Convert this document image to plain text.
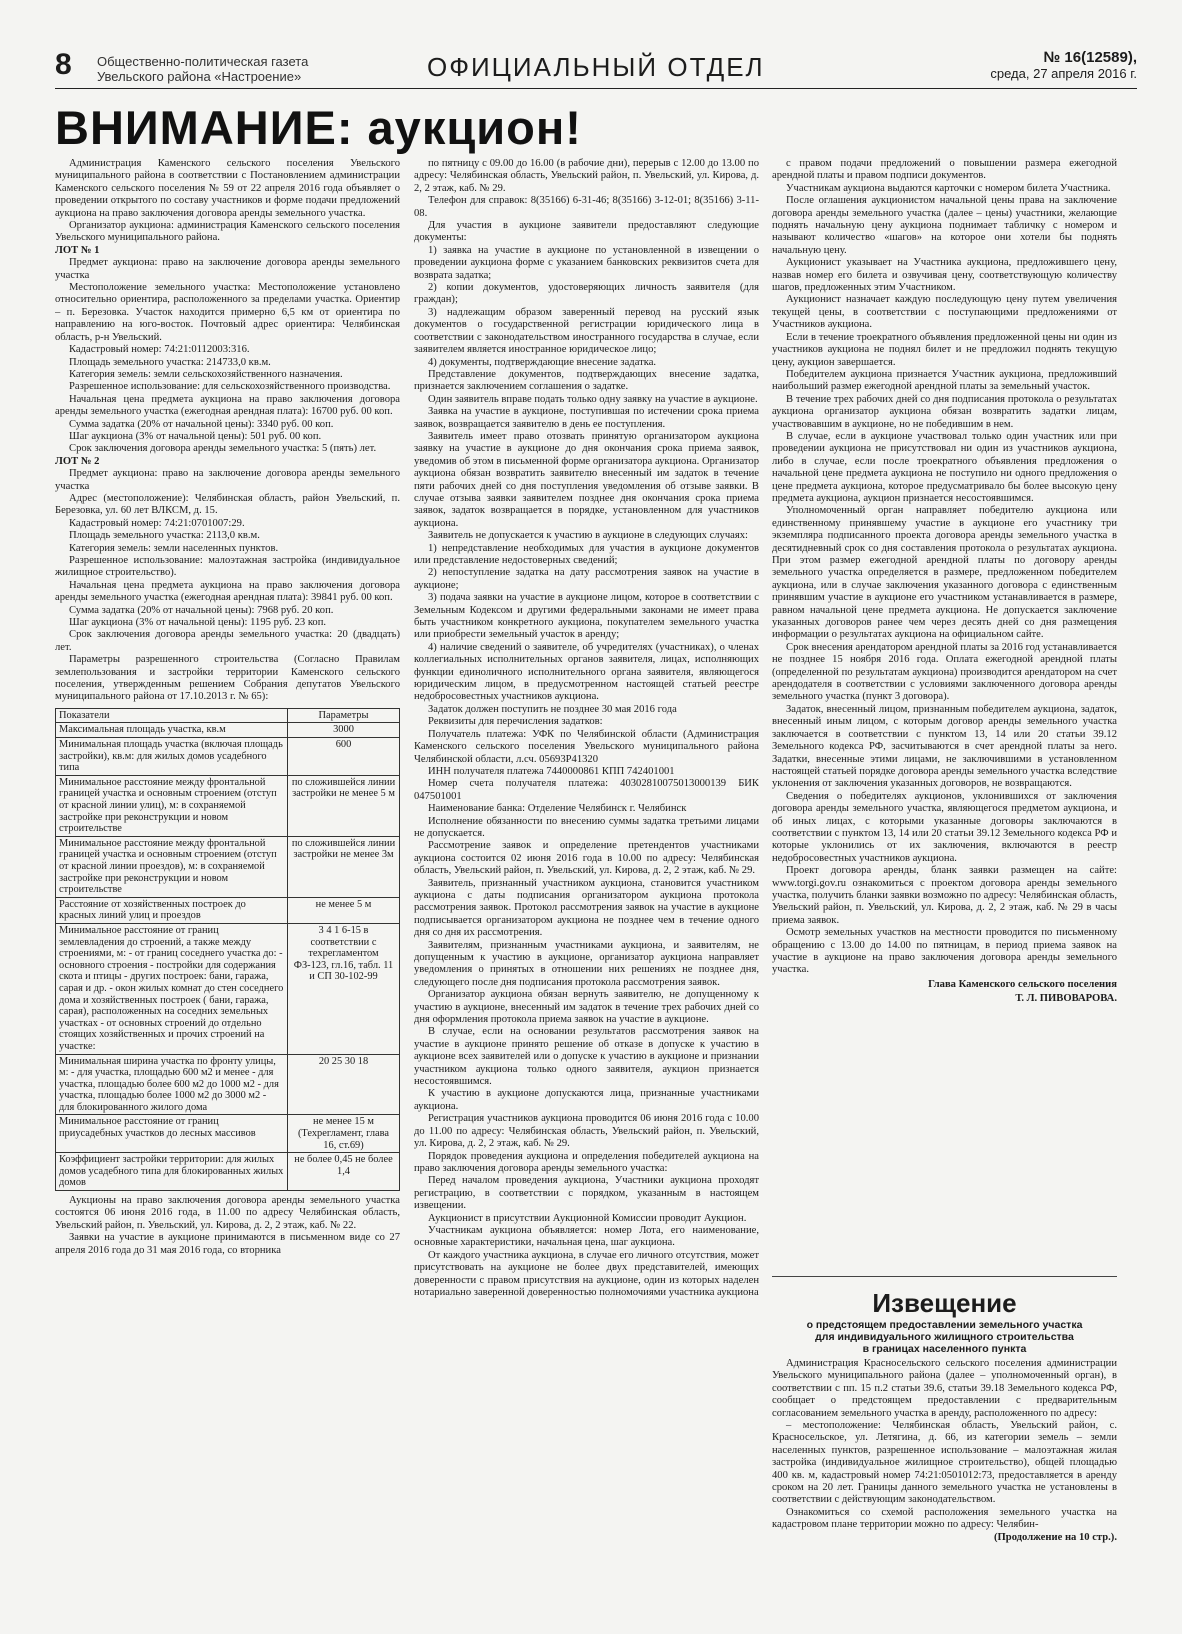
8 Общественно-политическая газета
Увельского района «Настроение»	ОФИЦИАЛЬНЫЙ ОТДЕЛ	№ 16(12589),
среда, 27 апреля 2016 г.
ВНИМАНИЕ: аукцион!

Администрация Каменского сельского поселения Увельского муниципального района в соответствии с Постановлением администрации Каменского сельского поселения № 59 от 22 апреля 2016 года объявляет о проведении открытого по составу участников и форме подачи предложений аукциона на право заключения договора аренды земельного участка.

Организатор аукциона: администрация Каменского сельского поселения Увельского муниципального района.

ЛОТ № 1

Предмет аукциона: право на заключение договора аренды земельного участка

Местоположение земельного участка: Местоположение установлено относительно ориентира, расположенного за пределами участка. Ориентир – п. Березовка. Участок находится примерно 6,5 км от ориентира по направлению на юго-восток. Почтовый адрес ориентира: Челябинская область, р-н Увельский.

Кадастровый номер: 74:21:0112003:316.

Площадь земельного участка: 214733,0 кв.м.

Категория земель: земли сельскохозяйственного назначения.

Разрешенное использование: для сельскохозяйственного производства.

Начальная цена предмета аукциона на право заключения договора аренды земельного участка (ежегодная арендная плата): 16700 руб. 00 коп.

Сумма задатка (20% от начальной цены): 3340 руб. 00 коп.

Шаг аукциона (3% от начальной цены): 501 руб. 00 коп.

Срок заключения договора аренды земельного участка: 5 (пять) лет.

ЛОТ № 2

Предмет аукциона: право на заключение договора аренды земельного участка

Адрес (местоположение): Челябинская область, район Увельский, п. Березовка, ул. 60 лет ВЛКСМ, д. 15.

Кадастровый номер: 74:21:0701007:29.

Площадь земельного участка: 2113,0 кв.м.

Категория земель: земли населенных пунктов.

Разрешенное использование: малоэтажная застройка (индивидуальное жилищное строительство).

Начальная цена предмета аукциона на право заключения договора аренды земельного участка (ежегодная арендная плата): 39841 руб. 00 коп.

Сумма задатка (20% от начальной цены): 7968 руб. 20 коп.

Шаг аукциона (3% от начальной цены): 1195 руб. 23 коп.

Срок заключения договора аренды земельного участка: 20 (двадцать) лет.

Параметры разрешенного строительства (Согласно Правилам землепользования и застройки территории Каменского сельского поселения, утвержденным решением Собрания депутатов Увельского муниципального района от 17.10.2013 г. № 65):

Показатели	Параметры
Максимальная площадь участка, кв.м	3000
Минимальная площадь участка (включая площадь застройки), кв.м: для жилых домов усадебного типа	600
Минимальное расстояние между фронтальной границей участка и основным строением (отступ от красной линии улиц), м: в сохраняемой застройке при реконструкции и новом строительстве	по сложившейся линии застройки не менее 5 м
Минимальное расстояние между фронтальной границей участка и основным строением (отступ от красной линии проездов), м: в сохраняемой застройке при реконструкции и новом строительстве	по сложившейся линии застройки не менее 3м
Расстояние от хозяйственных построек до красных линий улиц и проездов	не менее 5 м
Минимальное расстояние от границ землевладения до строений, а также между строениями, м: - от границ соседнего участка до: - основного строения - постройки для содержания скота и птицы - других построек: бани, гаража, сарая и др. - окон жилых комнат до стен соседнего дома и хозяйственных построек ( бани, гаража, сарая), расположенных на соседних земельных участках - от основных строений до отдельно стоящих хозяйственных и прочих строений на участке:	3 4 1 6-15 в соответствии с техрегламентом ФЗ-123, гл.16, табл. 11 и СП 30-102-99
Минимальная ширина участка по фронту улицы, м: - для участка, площадью 600 м2 и менее - для участка, площадью более 600 м2 до 1000 м2 - для участка, площадью более 1000 м2 до 3000 м2 - для блокированного жилого дома	20 25 30 18
Минимальное расстояние от границ приусадебных участков до лесных массивов	не менее 15 м (Техрегламент, глава 16, ст.69)
Коэффициент застройки территории: для жилых домов усадебного типа для блокированных жилых домов	не более 0,45 не более 1,4

Аукционы на право заключения договора аренды земельного участка состоятся 06 июня 2016 года, в 11.00 по адресу Челябинская область, Увельский район, п. Увельский, ул. Кирова, д. 2, 2 этаж, каб. № 22.

Заявки на участие в аукционе принимаются в письменном виде со 27 апреля 2016 года до 31 мая 2016 года, со вторника

по пятницу с 09.00 до 16.00 (в рабочие дни), перерыв с 12.00 до 13.00 по адресу: Челябинская область, Увельский район, п. Увельский, ул. Кирова, д. 2, 2 этаж, каб. № 29.

Телефон для справок: 8(35166) 6-31-46; 8(35166) 3-12-01; 8(35166) 3-11-08.

Для участия в аукционе заявители предоставляют следующие документы:

1) заявка на участие в аукционе по установленной в извещении о проведении аукциона форме с указанием банковских реквизитов счета для возврата задатка;

2) копии документов, удостоверяющих личность заявителя (для граждан);

3) надлежащим образом заверенный перевод на русский язык документов о государственной регистрации юридического лица в соответствии с законодательством иностранного государства в случае, если заявителем является иностранное юридическое лицо;

4) документы, подтверждающие внесение задатка.

Представление документов, подтверждающих внесение задатка, признается заключением соглашения о задатке.

Один заявитель вправе подать только одну заявку на участие в аукционе.

Заявка на участие в аукционе, поступившая по истечении срока приема заявок, возвращается заявителю в день ее поступления.

Заявитель имеет право отозвать принятую организатором аукциона заявку на участие в аукционе до дня окончания срока приема заявок, уведомив об этом в письменной форме организатора аукциона. Организатор аукциона обязан возвратить заявителю внесенный им задаток в течение пяти рабочих дней со дня поступления уведомления об отзыве заявки. В случае отзыва заявки заявителем позднее дня окончания срока приема заявок, задаток возвращается в порядке, установленном для участников аукциона.

Заявитель не допускается к участию в аукционе в следующих случаях:

1) непредставление необходимых для участия в аукционе документов или представление недостоверных сведений;

2) непоступление задатка на дату рассмотрения заявок на участие в аукционе;

3) подача заявки на участие в аукционе лицом, которое в соответствии с Земельным Кодексом и другими федеральными законами не имеет права быть участником конкретного аукциона, покупателем земельного участка или приобрести земельный участок в аренду;

4) наличие сведений о заявителе, об учредителях (участниках), о членах коллегиальных исполнительных органов заявителя, лицах, исполняющих функции единоличного исполнительного органа заявителя, являющегося юридическим лицом, в предусмотренном настоящей статьей реестре недобросовестных участников аукциона.

Задаток должен поступить не позднее 30 мая 2016 года

Реквизиты для перечисления задатков:

Получатель платежа: УФК по Челябинской области (Администрация Каменского сельского поселения Увельского муниципального района Челябинской области, л.сч. 05693Р41320

ИНН получателя платежа 7440000861 КПП 742401001

Номер счета получателя платежа: 40302810075013000139 БИК 047501001

Наименование банка: Отделение Челябинск г. Челябинск

Исполнение обязанности по внесению суммы задатка третьими лицами не допускается.

Рассмотрение заявок и определение претендентов участниками аукциона состоится 02 июня 2016 года в 10.00 по адресу: Челябинская область, Увельский район, п. Увельский, ул. Кирова, д. 2, 2 этаж, каб. № 29.

Заявитель, признанный участником аукциона, становится участником аукциона с даты подписания организатором аукциона протокола рассмотрения заявок. Протокол рассмотрения заявок на участие в аукционе подписывается организатором аукциона не позднее чем в течение одного дня со дня их рассмотрения.

Заявителям, признанным участниками аукциона, и заявителям, не допущенным к участию в аукционе, организатор аукциона направляет уведомления о принятых в отношении них решениях не позднее дня, следующего после дня подписания протокола рассмотрения заявок.

Организатор аукциона обязан вернуть заявителю, не допущенному к участию в аукционе, внесенный им задаток в течение трех рабочих дней со дня оформления протокола приема заявок на участие в аукционе.

В случае, если на основании результатов рассмотрения заявок на участие в аукционе принято решение об отказе в допуске к участию в аукционе всех заявителей или о допуске к участию в аукционе и признании участником аукциона только одного заявителя, аукцион признается несостоявшимся.

К участию в аукционе допускаются лица, признанные участниками аукциона.

Регистрация участников аукциона проводится 06 июня 2016 года с 10.00 до 11.00 по адресу: Челябинская область, Увельский район, п. Увельский, ул. Кирова, д. 2, 2 этаж, каб. № 29.

Порядок проведения аукциона и определения победителей аукциона на право заключения договора аренды земельного участка:

Перед началом проведения аукциона, Участники аукциона проходят регистрацию, в соответствии с порядком, указанным в настоящем извещении.

Аукционист в присутствии Аукционной Комиссии проводит Аукцион.

Участникам аукциона объявляется: номер Лота, его наименование, основные характеристики, начальная цена, шаг аукциона.

От каждого участника аукциона, в случае его личного отсутствия, может присутствовать на аукционе не более двух представителей, имеющих доверенности с правом присутствия на аукционе, один из которых наделен нотариально заверенной доверенностью полномочиями участника аукциона

с правом подачи предложений о повышении размера ежегодной арендной платы и правом подписи документов.

Участникам аукциона выдаются карточки с номером билета Участника.

После оглашения аукционистом начальной цены права на заключение договора аренды земельного участка (далее – цены) участники, желающие поднять начальную цену аукциона поднимает табличку с номером и называют количество «шагов» на которое они хотели бы поднять начальную цену.

Аукционист указывает на Участника аукциона, предложившего цену, назвав номер его билета и озвучивая цену, соответствующую количеству шагов, предложенных этим Участником.

Аукционист назначает каждую последующую цену путем увеличения текущей цены, в соответствии с поступающими предложениями от Участников аукциона.

Если в течение троекратного объявления предложенной цены ни один из участников аукциона не поднял билет и не предложил поднять текущую цену, аукцион завершается.

Победителем аукциона признается Участник аукциона, предложивший наибольший размер ежегодной арендной платы за земельный участок.

В течение трех рабочих дней со дня подписания протокола о результатах аукциона организатор аукциона обязан возвратить задатки лицам, участвовавшим в аукционе, но не победившим в нем.

В случае, если в аукционе участвовал только один участник или при проведении аукциона не присутствовал ни один из участников аукциона, либо в случае, если после троекратного объявления предложения о начальной цене предмета аукциона не поступило ни одного предложения о цене предмета аукциона, которое предусматривало бы более высокую цену предмета аукциона, аукцион признается несостоявшимся.

Уполномоченный орган направляет победителю аукциона или единственному принявшему участие в аукционе его участнику три экземпляра подписанного проекта договора аренды земельного участка в десятидневный срок со дня составления протокола о результатах аукциона. При этом размер ежегодной арендной платы по договору аренды земельного участка определяется в размере, предложенном победителем аукциона, или в случае заключения указанного договора с единственным принявшим участие в аукционе его участником устанавливается в размере, равном начальной цене предмета аукциона. Не допускается заключение указанных договоров ранее чем через десять дней со дня размещения информации о результатах аукциона на официальном сайте.

Срок внесения арендатором арендной платы за 2016 год устанавливается не позднее 15 ноября 2016 года. Оплата ежегодной арендной платы (определенной по результатам аукциона) производится арендатором на счет арендодателя в соответствии с условиями заключенного договора аренды земельного участка (пункт 3 договора).

Задаток, внесенный лицом, признанным победителем аукциона, задаток, внесенный иным лицом, с которым договор аренды земельного участка заключается в соответствии с пунктом 13, 14 или 20 статьи 39.12 Земельного кодекса РФ, засчитываются в счет арендной платы за него. Задатки, внесенные этими лицами, не заключившими в установленном настоящей статьей порядке договора аренды земельного участка вследствие уклонения от заключения указанных договоров, не возвращаются.

Сведения о победителях аукционов, уклонившихся от заключения договора аренды земельного участка, являющегося предметом аукциона, и об иных лицах, с которыми указанные договоры заключаются в соответствии с пунктом 13, 14 или 20 статьи 39.12 Земельного кодекса РФ и которые уклонились от их заключения, включаются в реестр недобросовестных участников аукциона.

Проект договора аренды, бланк заявки размещен на сайте: www.torgi.gov.ru ознакомиться с проектом договора аренды земельного участка, получить бланки заявки возможно по адресу: Челябинская область, Увельский район, п. Увельский, ул. Кирова, д. 2, 2 этаж, каб. № 29 в часы приема заявок.

Осмотр земельных участков на местности проводится по письменному обращению с 13.00 до 14.00 по пятницам, в период приема заявок на участие в аукционе на право заключения договора аренды земельного участка.

Глава Каменского сельского поселения
Т. Л. ПИВОВАРОВА.
Извещение
о предстоящем предоставлении земельного участка
для индивидуального жилищного строительства
в границах населенного пункта

Администрация Красносельского сельского поселения администрации Увельского муниципального района (далее – уполномоченный орган), в соответствии с пп. 15 п.2 статьи 39.6, статьи 39.18 Земельного кодекса РФ, сообщает о предстоящем предоставлении с предварительным согласованием земельного участка в аренду, расположенного по адресу:

– местоположение: Челябинская область, Увельский район, с. Красносельское, ул. Летягина, д. 66, из категории земель – земли населенных пунктов, разрешенное использование – малоэтажная жилая застройка (индивидуальное жилищное строительство), общей площадью 400 кв. м, кадастровый номер 74:21:0501012:73, предоставляется в аренду сроком на 20 лет. Границы данного земельного участка не установлены в соответствии с действующим законодательством.

Ознакомиться со схемой расположения земельного участка на кадастровом плане территории можно по адресу: Челябин-

(Продолжение на 10 стр.).
